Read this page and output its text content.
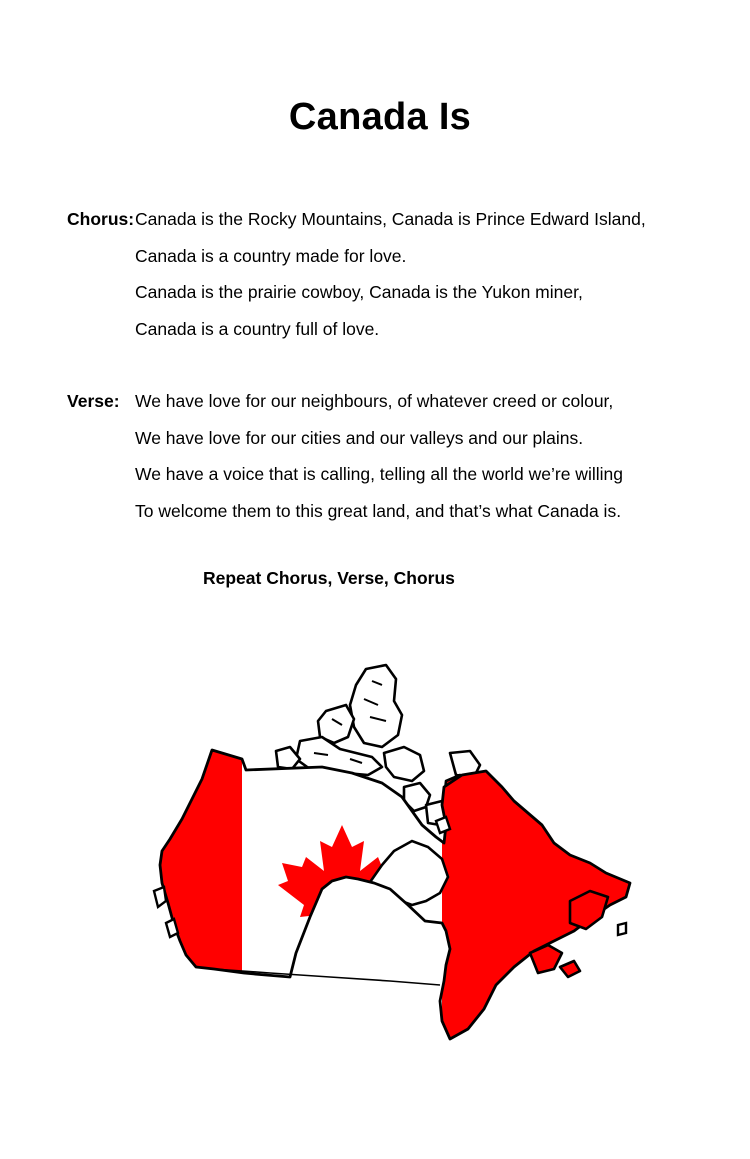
Canada Is
Chorus: Canada is the Rocky Mountains, Canada is Prince Edward Island,
Canada is a country made for love.
Canada is the prairie cowboy, Canada is the Yukon miner,
Canada is a country full of love.
Verse: We have love for our neighbours, of whatever creed or colour,
We have love for our cities and our valleys and our plains.
We have a voice that is calling, telling all the world we’re willing
To welcome them to this great land, and that’s what Canada is.
Repeat Chorus, Verse, Chorus
